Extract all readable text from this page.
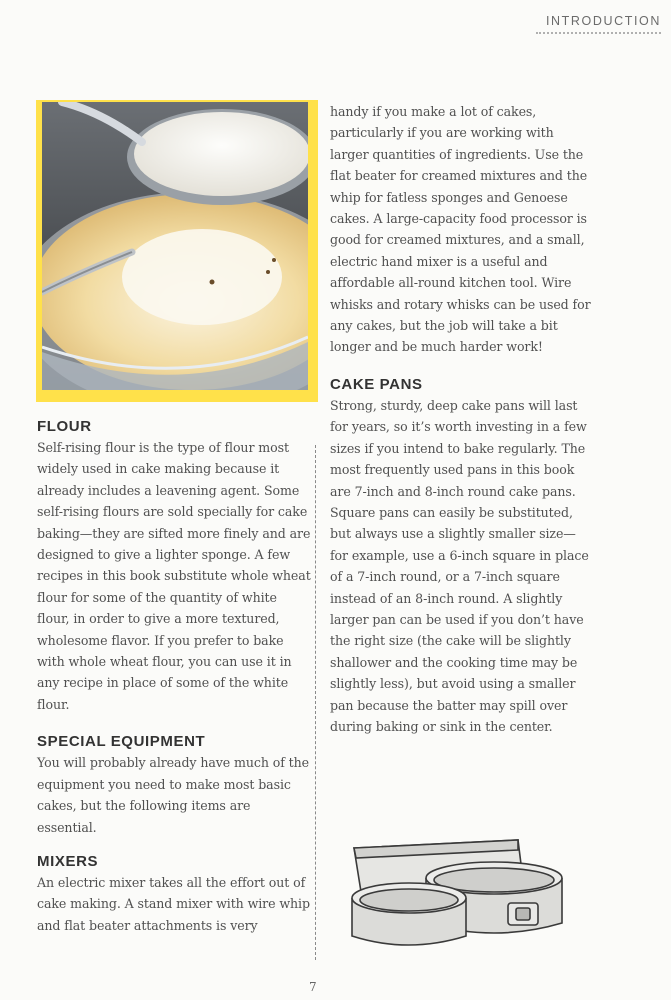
INTRODUCTION
FLOUR

Self-rising flour is the type of flour most widely used in cake making because it already includes a leavening agent. Some self-rising flours are sold specially for cake baking—they are sifted more finely and are designed to give a lighter sponge. A few recipes in this book substitute whole wheat flour for some of the quantity of white flour, in order to give a more textured, wholesome flavor. If you prefer to bake with whole wheat flour, you can use it in any recipe in place of some of the white flour.

SPECIAL EQUIPMENT

You will probably already have much of the equipment you need to make most basic cakes, but the following items are essential.

MIXERS

An electric mixer takes all the effort out of cake making. A stand mixer with wire whip and flat beater attachments is very

handy if you make a lot of cakes, particularly if you are working with larger quantities of ingredients. Use the flat beater for creamed mixtures and the whip for fatless sponges and Genoese cakes. A large-capacity food processor is good for creamed mixtures, and a small, electric hand mixer is a useful and affordable all-round kitchen tool. Wire whisks and rotary whisks can be used for any cakes, but the job will take a bit longer and be much harder work!

CAKE PANS

Strong, sturdy, deep cake pans will last for years, so it’s worth investing in a few sizes if you intend to bake regularly. The most frequently used pans in this book are 7-inch and 8-inch round cake pans. Square pans can easily be substituted, but always use a slightly smaller size—for example, use a 6-inch square in place of a 7-inch round, or a 7-inch square instead of an 8-inch round. A slightly larger pan can be used if you don’t have the right size (the cake will be slightly shallower and the cooking time may be slightly less), but avoid using a smaller pan because the batter may spill over during baking or sink in the center.

7
